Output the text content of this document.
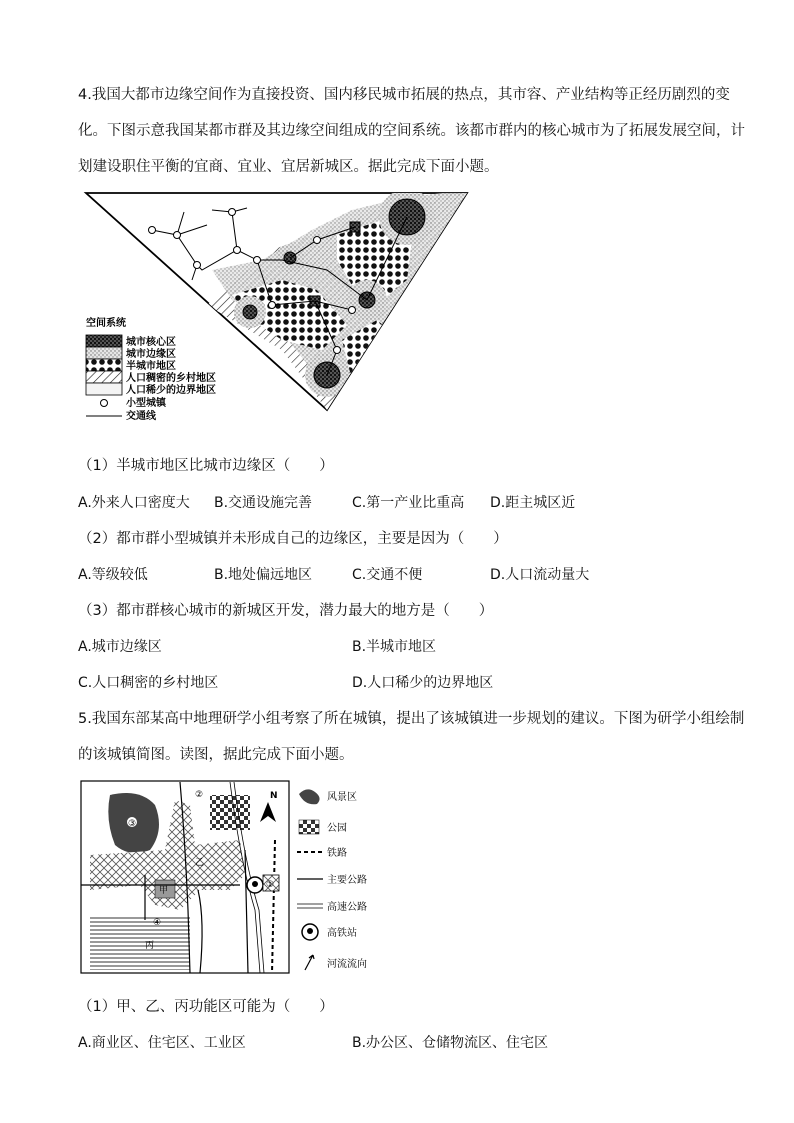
4.我国大都市边缘空间作为直接投资、国内移民城市拓展的热点，其市容、产业结构等正经历剧烈的变
化。下图示意我国某都市群及其边缘空间组成的空间系统。该都市群内的核心城市为了拓展发展空间，计
划建设职住平衡的宜商、宜业、宜居新城区。据此完成下面小题。
空间系统
城市核心区
城市边缘区
半城市地区
人口稠密的乡村地区
人口稀少的边界地区
小型城镇
交通线
（1）半城市地区比城市边缘区（　　）
A.外来人口密度大 B.交通设施完善	C.第一产业比重高 D.距主城区近
（2）都市群小型城镇并未形成自己的边缘区，主要是因为（　　）
A.等级较低	B.地处偏远地区	C.交通不便	D.人口流动量大
（3）都市群核心城市的新城区开发，潜力最大的地方是（　　）
A.城市边缘区	B.半城市地区
C.人口稠密的乡村地区	D.人口稀少的边界地区
5.我国东部某高中地理研学小组考察了所在城镇，提出了该城镇进一步规划的建议。下图为研学小组绘制
的该城镇简图。读图，据此完成下面小题。
③
②
甲
乙
丙
④
①
N	风景区
公园
铁路
主要公路
高速公路
高铁站
河流流向
（1）甲、乙、丙功能区可能为（　　）
A.商业区、住宅区、工业区	B.办公区、仓储物流区、住宅区
